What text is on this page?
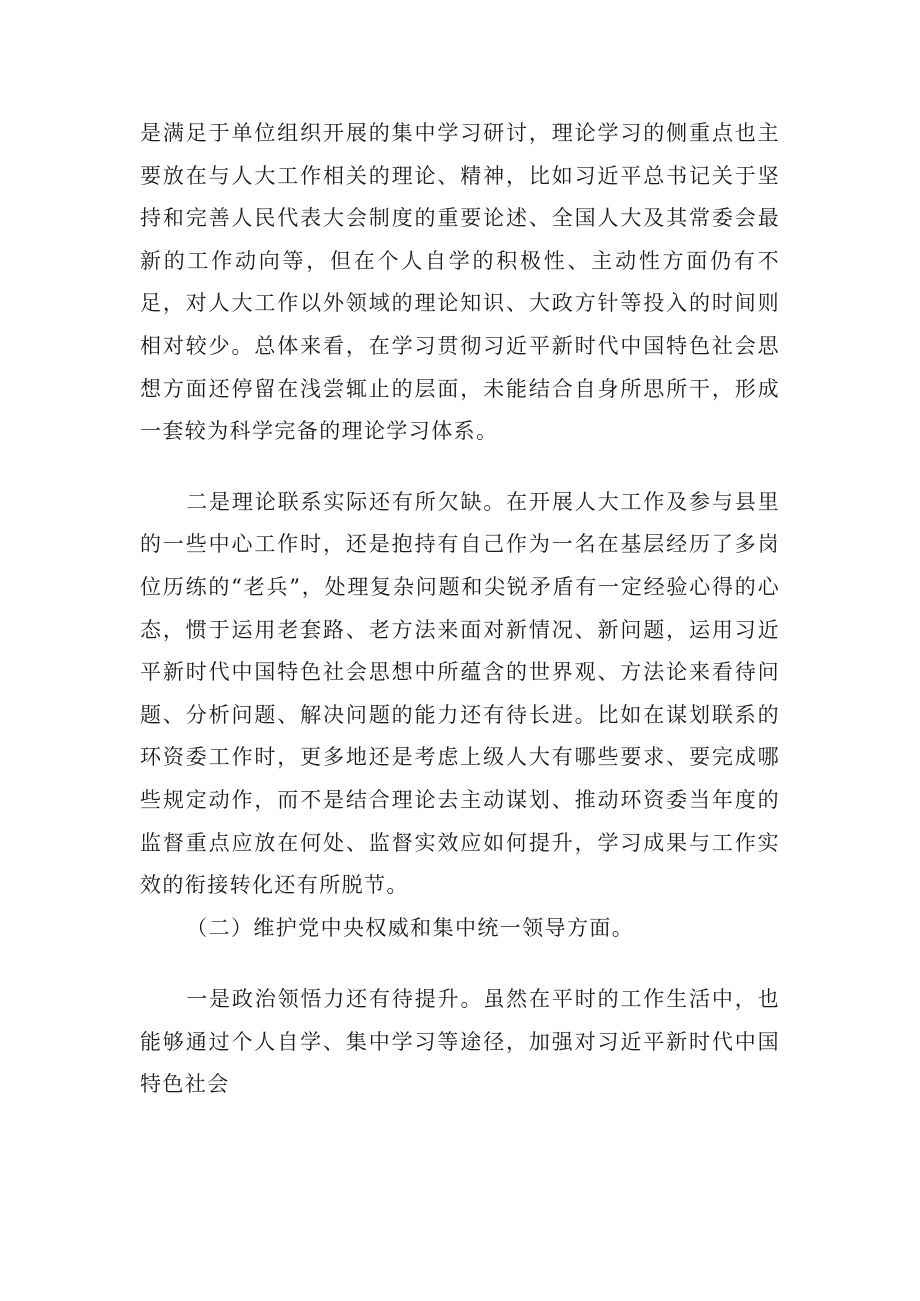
是满足于单位组织开展的集中学习研讨，理论学习的侧重点也主要放在与人大工作相关的理论、精神，比如习近平总书记关于坚持和完善人民代表大会制度的重要论述、全国人大及其常委会最新的工作动向等，但在个人自学的积极性、主动性方面仍有不足，对人大工作以外领域的理论知识、大政方针等投入的时间则相对较少。总体来看，在学习贯彻习近平新时代中国特色社会思想方面还停留在浅尝辄止的层面，未能结合自身所思所干，形成一套较为科学完备的理论学习体系。

二是理论联系实际还有所欠缺。在开展人大工作及参与县里的一些中心工作时，还是抱持有自己作为一名在基层经历了多岗位历练的“老兵”，处理复杂问题和尖锐矛盾有一定经验心得的心态，惯于运用老套路、老方法来面对新情况、新问题，运用习近平新时代中国特色社会思想中所蕴含的世界观、方法论来看待问题、分析问题、解决问题的能力还有待长进。比如在谋划联系的环资委工作时，更多地还是考虑上级人大有哪些要求、要完成哪些规定动作，而不是结合理论去主动谋划、推动环资委当年度的监督重点应放在何处、监督实效应如何提升，学习成果与工作实效的衔接转化还有所脱节。

（二）维护党中央权威和集中统一领导方面。

一是政治领悟力还有待提升。虽然在平时的工作生活中，也能够通过个人自学、集中学习等途径，加强对习近平新时代中国特色社会
